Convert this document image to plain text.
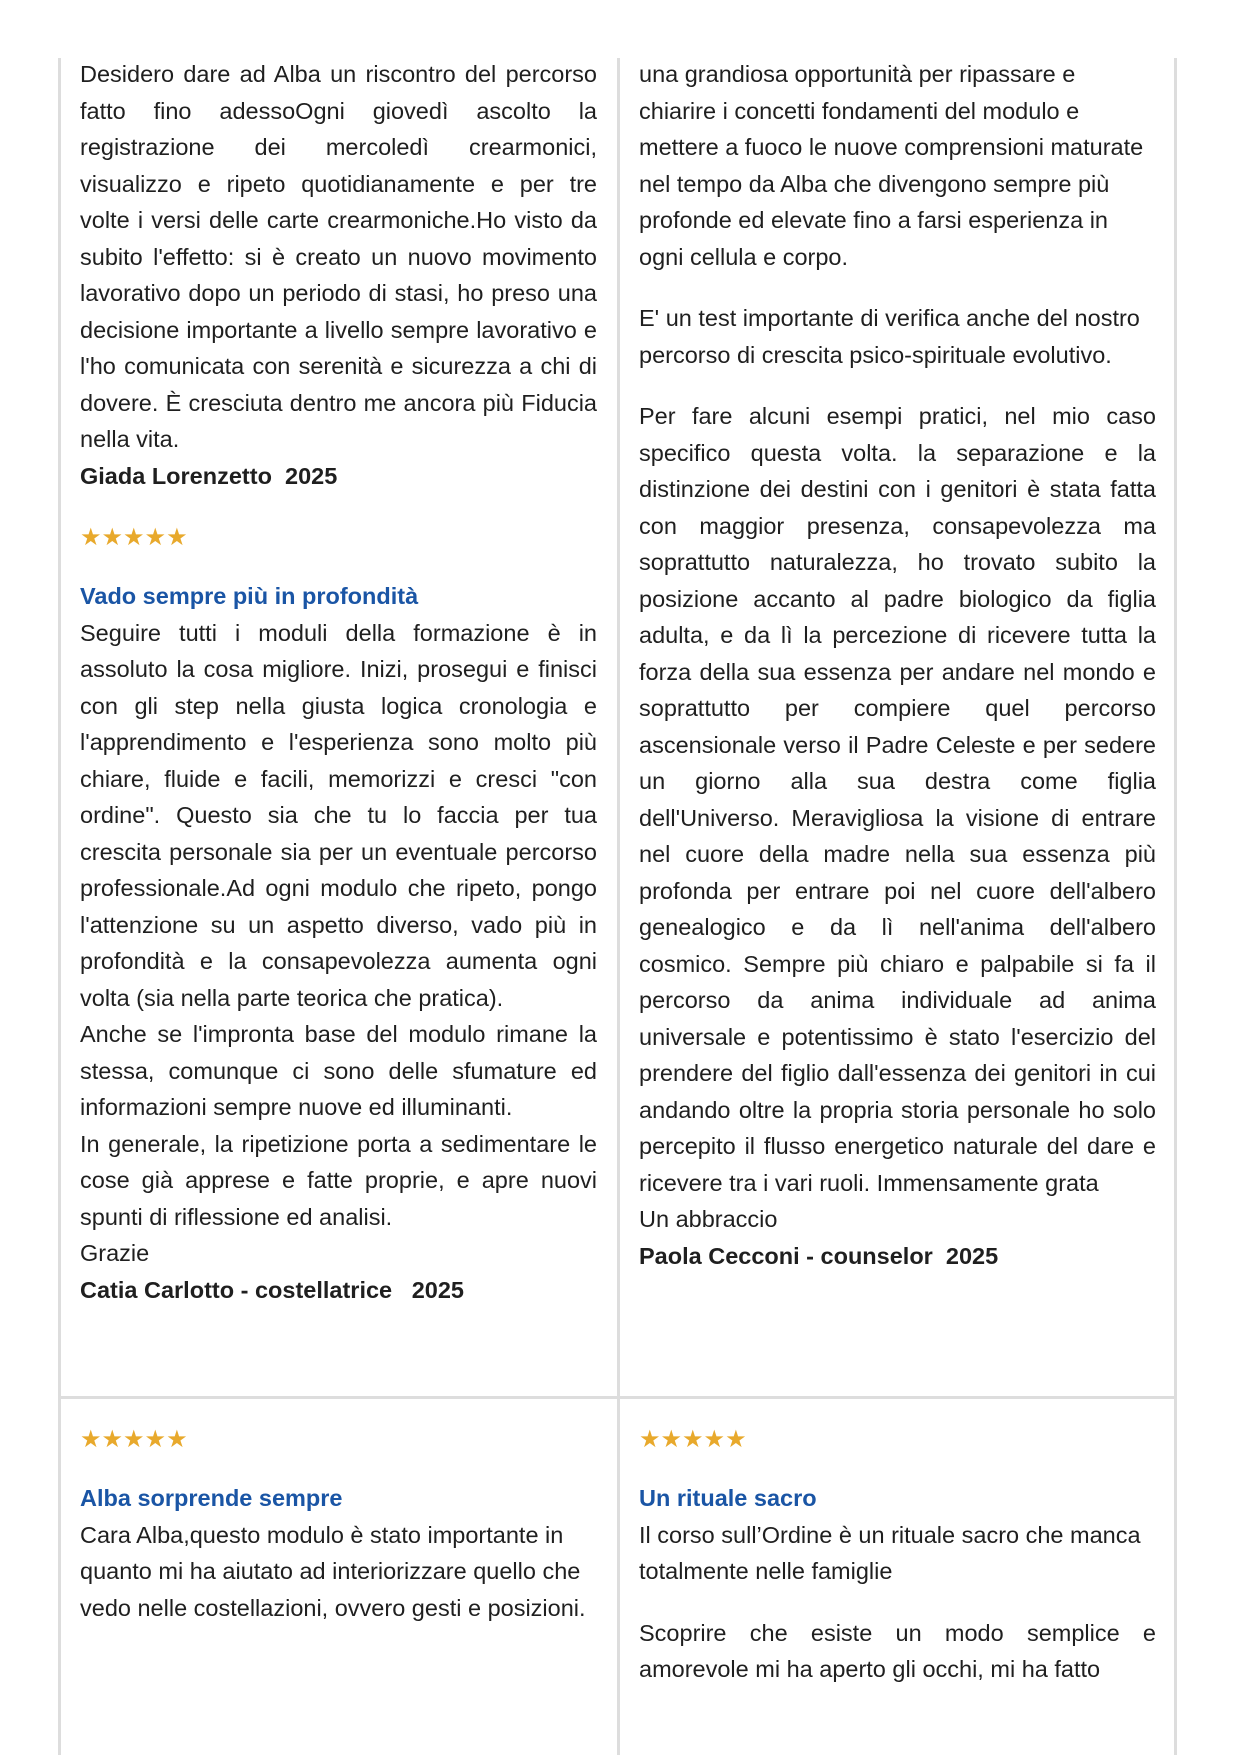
Desidero dare ad Alba un riscontro del percorso fatto fino adessoOgni giovedì ascolto la registrazione dei mercoledì crearmonici, visualizzo e ripeto quotidianamente e per tre volte i versi delle carte crearmoniche.Ho visto da subito l'effetto: si è creato un nuovo movimento lavorativo dopo un periodo di stasi, ho preso una decisione importante a livello sempre lavorativo e l'ho comunicata con serenità e sicurezza a chi di dovere. È cresciuta dentro me ancora più Fiducia nella vita.

Giada Lorenzetto  2025

★★★★★
Vado sempre più in profondità

Seguire tutti i moduli della formazione è in assoluto la cosa migliore. Inizi, prosegui e finisci con gli step nella giusta logica cronologia e l'apprendimento e l'esperienza sono molto più chiare, fluide e facili, memorizzi e cresci "con ordine". Questo sia che tu lo faccia per tua crescita personale sia per un eventuale percorso professionale.Ad ogni modulo che ripeto, pongo l'attenzione su un aspetto diverso, vado più in profondità e la consapevolezza aumenta ogni volta (sia nella parte teorica che pratica).

Anche se l'impronta base del modulo rimane la stessa, comunque ci sono delle sfumature ed informazioni sempre nuove ed illuminanti.

In generale, la ripetizione porta a sedimentare le cose già apprese e fatte proprie, e apre nuovi spunti di riflessione ed analisi.

Grazie

Catia Carlotto - costellatrice   2025

una grandiosa opportunità per ripassare e chiarire i concetti fondamenti del modulo e mettere a fuoco le nuove comprensioni maturate nel tempo da Alba che divengono sempre più profonde ed elevate fino a farsi esperienza in ogni cellula e corpo.

E' un test importante di verifica anche del nostro percorso di crescita psico-spirituale evolutivo.

Per fare alcuni esempi pratici, nel mio caso specifico questa volta. la separazione e la distinzione dei destini con i genitori è stata fatta con maggior presenza, consapevolezza ma soprattutto naturalezza, ho trovato subito la posizione accanto al padre biologico da figlia adulta, e da lì la percezione di ricevere tutta la forza della sua essenza per andare nel mondo e soprattutto per compiere quel percorso ascensionale verso il Padre Celeste e per sedere un giorno alla sua destra come figlia dell'Universo. Meravigliosa la visione di entrare nel cuore della madre nella sua essenza più profonda per entrare poi nel cuore dell'albero genealogico e da lì nell'anima dell'albero cosmico. Sempre più chiaro e palpabile si fa il percorso da anima individuale ad anima universale e potentissimo è stato l'esercizio del prendere del figlio dall'essenza dei genitori in cui andando oltre la propria storia personale ho solo percepito il flusso energetico naturale del dare e ricevere tra i vari ruoli. Immensamente grata

Un abbraccio

Paola Cecconi - counselor  2025

★★★★★
Alba sorprende sempre

Cara Alba,questo modulo è stato importante in quanto mi ha aiutato ad interiorizzare quello che vedo nelle costellazioni, ovvero gesti e posizioni.

★★★★★
Un rituale sacro

Il corso sull’Ordine è un rituale sacro che manca totalmente nelle famiglie

Scoprire che esiste un modo semplice e amorevole mi ha aperto gli occhi, mi ha fatto
